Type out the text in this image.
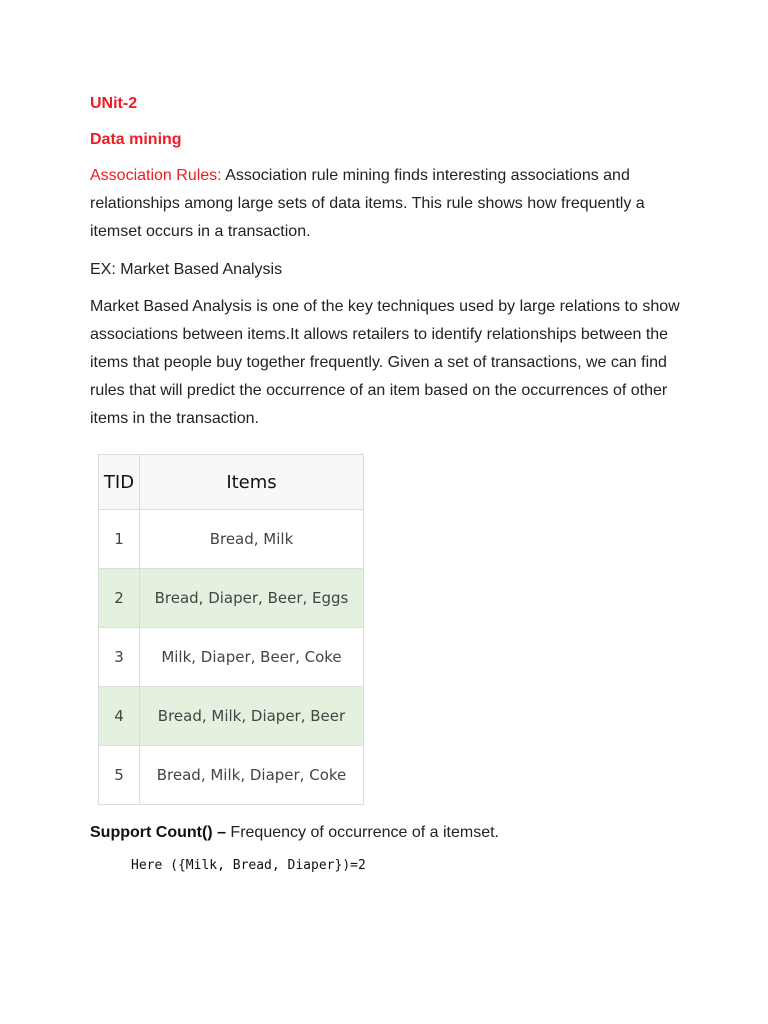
UNit-2
Data mining

Association Rules: Association rule mining finds interesting associations and relationships among large sets of data items. This rule shows how frequently a itemset occurs in a transaction.

EX: Market Based Analysis

Market Based Analysis is one of the key techniques used by large relations to show associations between items.It allows retailers to identify relationships between the items that people buy together frequently. Given a set of transactions, we can find rules that will predict the occurrence of an item based on the occurrences of other items in the transaction.

TID	Items
1	Bread, Milk
2	Bread, Diaper, Beer, Eggs
3	Milk, Diaper, Beer, Coke
4	Bread, Milk, Diaper, Beer
5	Bread, Milk, Diaper, Coke
Support Count() – Frequency of occurrence of a itemset.
Here ({Milk, Bread, Diaper})=2
